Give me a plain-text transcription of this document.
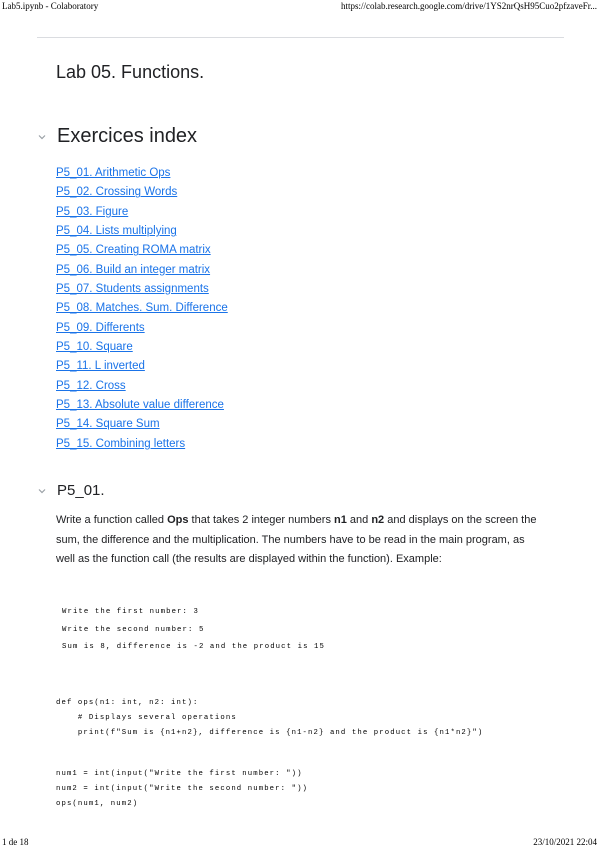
Lab5.ipynb - Colaboratory	https://colab.research.google.com/drive/1YS2nrQsH95Cuo2pfzaveFr...
Lab 05. Functions.
Exercices index
P5_01. Arithmetic Ops
P5_02. Crossing Words
P5_03. Figure
P5_04. Lists multiplying
P5_05. Creating ROMA matrix
P5_06. Build an integer matrix
P5_07. Students assignments
P5_08. Matches. Sum. Difference
P5_09. Differents
P5_10. Square
P5_11. L inverted
P5_12. Cross
P5_13. Absolute value difference
P5_14. Square Sum
P5_15. Combining letters
P5_01.
Write a function called Ops that takes 2 integer numbers n1 and n2 and displays on the screen the sum, the difference and the multiplication. The numbers have to be read in the main program, as well as the function call (the results are displayed within the function). Example:
Write the first number: 3
Write the second number: 5
Sum is 8, difference is -2 and the product is 15
def ops(n1: int, n2: int):
# Displays several operations
print(f"Sum is {n1+n2}, difference is {n1-n2} and the product is {n1*n2}")
num1 = int(input("Write the first number: "))
num2 = int(input("Write the second number: "))
ops(num1, num2)
1 de 18	23/10/2021 22:04
